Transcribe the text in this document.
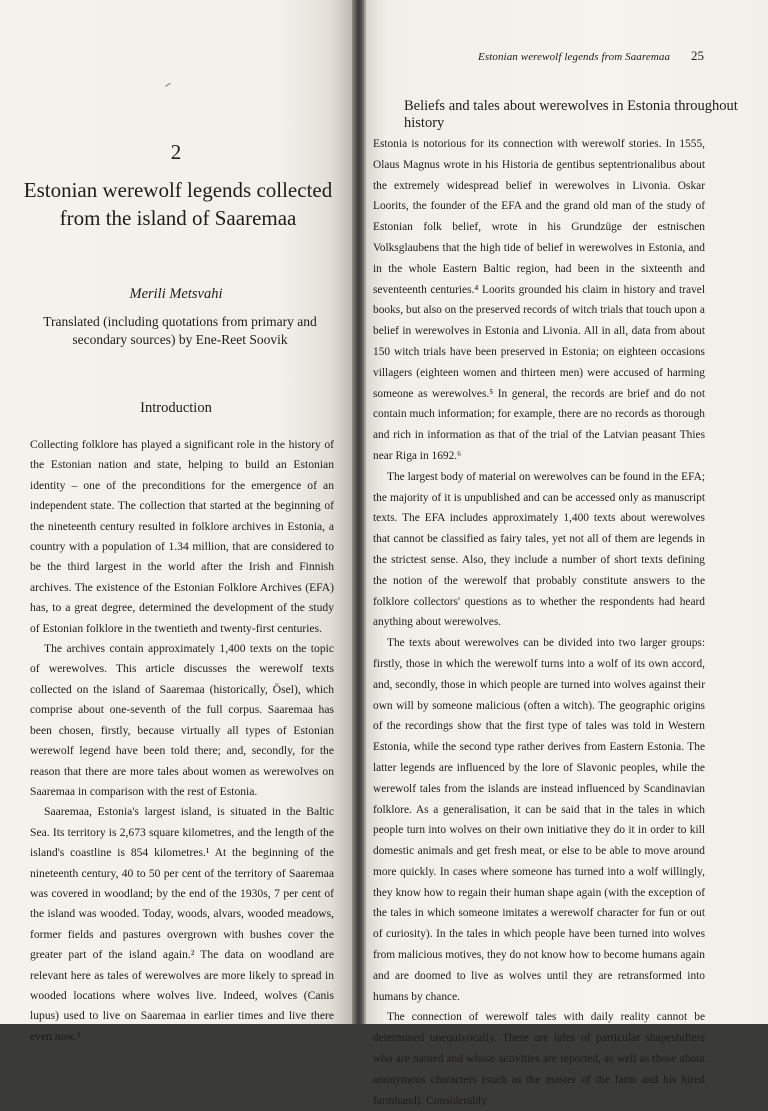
2
Estonian werewolf legends collected from the island of Saaremaa
Merili Metsvahi
Translated (including quotations from primary and secondary sources) by Ene-Reet Soovik
Introduction

Collecting folklore has played a significant role in the history of the Estonian nation and state, helping to build an Estonian identity – one of the preconditions for the emergence of an independent state. The collection that started at the beginning of the nineteenth century resulted in folklore archives in Estonia, a country with a population of 1.34 million, that are considered to be the third largest in the world after the Irish and Finnish archives. The existence of the Estonian Folklore Archives (EFA) has, to a great degree, determined the development of the study of Estonian folklore in the twentieth and twenty-first centuries.

The archives contain approximately 1,400 texts on the topic of werewolves. This article discusses the werewolf texts collected on the island of Saaremaa (historically, Ösel), which comprise about one-seventh of the full corpus. Saaremaa has been chosen, firstly, because virtually all types of Estonian werewolf legend have been told there; and, secondly, for the reason that there are more tales about women as werewolves on Saaremaa in comparison with the rest of Estonia.

Saaremaa, Estonia's largest island, is situated in the Baltic Sea. Its territory is 2,673 square kilometres, and the length of the island's coastline is 854 kilometres.¹ At the beginning of the nineteenth century, 40 to 50 per cent of the territory of Saaremaa was covered in woodland; by the end of the 1930s, 7 per cent of the island was wooded. Today, woods, alvars, wooded meadows, former fields and pastures overgrown with bushes cover the greater part of the island again.² The data on woodland are relevant here as tales of werewolves are more likely to spread in wooded locations where wolves live. Indeed, wolves (Canis lupus) used to live on Saaremaa in earlier times and live there even now.³

Estonian werewolf legends from Saaremaa 25
Beliefs and tales about werewolves in Estonia throughout history

Estonia is notorious for its connection with werewolf stories. In 1555, Olaus Magnus wrote in his Historia de gentibus septentrionalibus about the extremely widespread belief in werewolves in Livonia. Oskar Loorits, the founder of the EFA and the grand old man of the study of Estonian folk belief, wrote in his Grundzüge der estnischen Volksglaubens that the high tide of belief in werewolves in Estonia, and in the whole Eastern Baltic region, had been in the sixteenth and seventeenth centuries.⁴ Loorits grounded his claim in history and travel books, but also on the preserved records of witch trials that touch upon a belief in werewolves in Estonia and Livonia. All in all, data from about 150 witch trials have been preserved in Estonia; on eighteen occasions villagers (eighteen women and thirteen men) were accused of harming someone as werewolves.⁵ In general, the records are brief and do not contain much information; for example, there are no records as thorough and rich in information as that of the trial of the Latvian peasant Thies near Riga in 1692.⁶

The largest body of material on werewolves can be found in the EFA; the majority of it is unpublished and can be accessed only as manuscript texts. The EFA includes approximately 1,400 texts about werewolves that cannot be classified as fairy tales, yet not all of them are legends in the strictest sense. Also, they include a number of short texts defining the notion of the werewolf that probably constitute answers to the folklore collectors' questions as to whether the respondents had heard anything about werewolves.

The texts about werewolves can be divided into two larger groups: firstly, those in which the werewolf turns into a wolf of its own accord, and, secondly, those in which people are turned into wolves against their own will by someone malicious (often a witch). The geographic origins of the recordings show that the first type of tales was told in Western Estonia, while the second type rather derives from Eastern Estonia. The latter legends are influenced by the lore of Slavonic peoples, while the werewolf tales from the islands are instead influenced by Scandinavian folklore. As a generalisation, it can be said that in the tales in which people turn into wolves on their own initiative they do it in order to kill domestic animals and get fresh meat, or else to be able to move around more quickly. In cases where someone has turned into a wolf willingly, they know how to regain their human shape again (with the exception of the tales in which someone imitates a werewolf character for fun or out of curiosity). In the tales in which people have been turned into wolves from malicious motives, they do not know how to become humans again and are doomed to live as wolves until they are retransformed into humans by chance.

The connection of werewolf tales with daily reality cannot be determined unequivocally. There are tales of particular shapeshifters who are named and whose activities are reported, as well as those about anonymous characters (such as the master of the farm and his hired farmhand). Considerably
